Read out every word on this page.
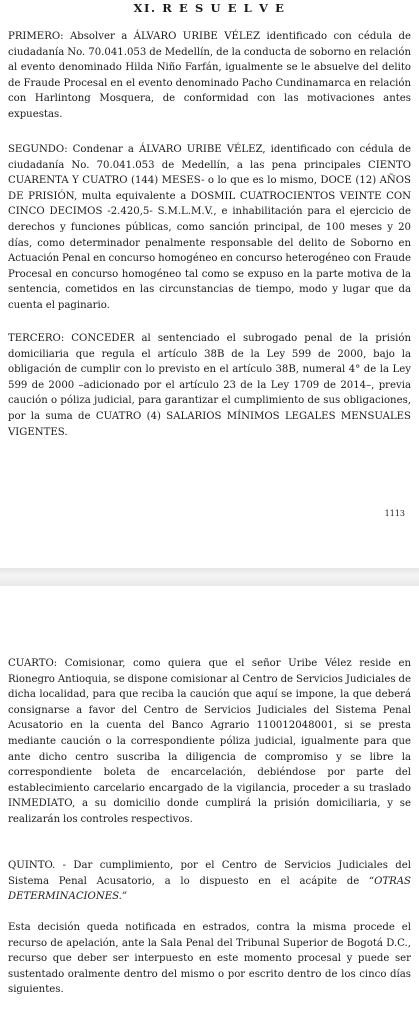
XI. R E S U E L V E

PRIMERO: Absolver a ÁLVARO URIBE VÉLEZ identificado con cédula de ciudadanía No. 70.041.053 de Medellín, de la conducta de soborno en relación al evento denominado Hilda Niño Farfán, igualmente se le absuelve del delito de Fraude Procesal en el evento denominado Pacho Cundinamarca en relación con Harlintong Mosquera, de conformidad con las motivaciones antes expuestas.

SEGUNDO: Condenar a ÁLVARO URIBE VÉLEZ, identificado con cédula de ciudadanía No. 70.041.053 de Medellín, a las pena principales CIENTO CUARENTA Y CUATRO (144) MESES- o lo que es lo mismo, DOCE (12) AÑOS DE PRISIÓN, multa equivalente a DOSMIL CUATROCIENTOS VEINTE CON CINCO DECIMOS -2.420,5- S.M.L.M.V., e inhabilitación para el ejercicio de derechos y funciones públicas, como sanción principal, de 100 meses y 20 días, como determinador penalmente responsable del delito de Soborno en Actuación Penal en concurso homogéneo en concurso heterogéneo con Fraude Procesal en concurso homogéneo tal como se expuso en la parte motiva de la sentencia, cometidos en las circunstancias de tiempo, modo y lugar que da cuenta el paginario.

TERCERO: CONCEDER al sentenciado el subrogado penal de la prisión domiciliaria que regula el artículo 38B de la Ley 599 de 2000, bajo la obligación de cumplir con lo previsto en el artículo 38B, numeral 4° de la Ley 599 de 2000 –adicionado por el artículo 23 de la Ley 1709 de 2014–, previa caución o póliza judicial, para garantizar el cumplimiento de sus obligaciones, por la suma de CUATRO (4) SALARIOS MÍNIMOS LEGALES MENSUALES VIGENTES.

1113

CUARTO: Comisionar, como quiera que el señor Uribe Vélez reside en Rionegro Antioquia, se dispone comisionar al Centro de Servicios Judiciales de dicha localidad, para que reciba la caución que aquí se impone, la que deberá consignarse a favor del Centro de Servicios Judiciales del Sistema Penal Acusatorio en la cuenta del Banco Agrario 110012048001, si se presta mediante caución o la correspondiente póliza judicial, igualmente para que ante dicho centro suscriba la diligencia de compromiso y se libre la correspondiente boleta de encarcelación, debiéndose por parte del establecimiento carcelario encargado de la vigilancia, proceder a su traslado INMEDIATO, a su domicilio donde cumplirá la prisión domiciliaria, y se realizarán los controles respectivos.

QUINTO. - Dar cumplimiento, por el Centro de Servicios Judiciales del Sistema Penal Acusatorio, a lo dispuesto en el acápite de “OTRAS DETERMINACIONES.”

Esta decisión queda notificada en estrados, contra la misma procede el recurso de apelación, ante la Sala Penal del Tribunal Superior de Bogotá D.C., recurso que deber ser interpuesto en este momento procesal y puede ser sustentado oralmente dentro del mismo o por escrito dentro de los cinco días siguientes.
